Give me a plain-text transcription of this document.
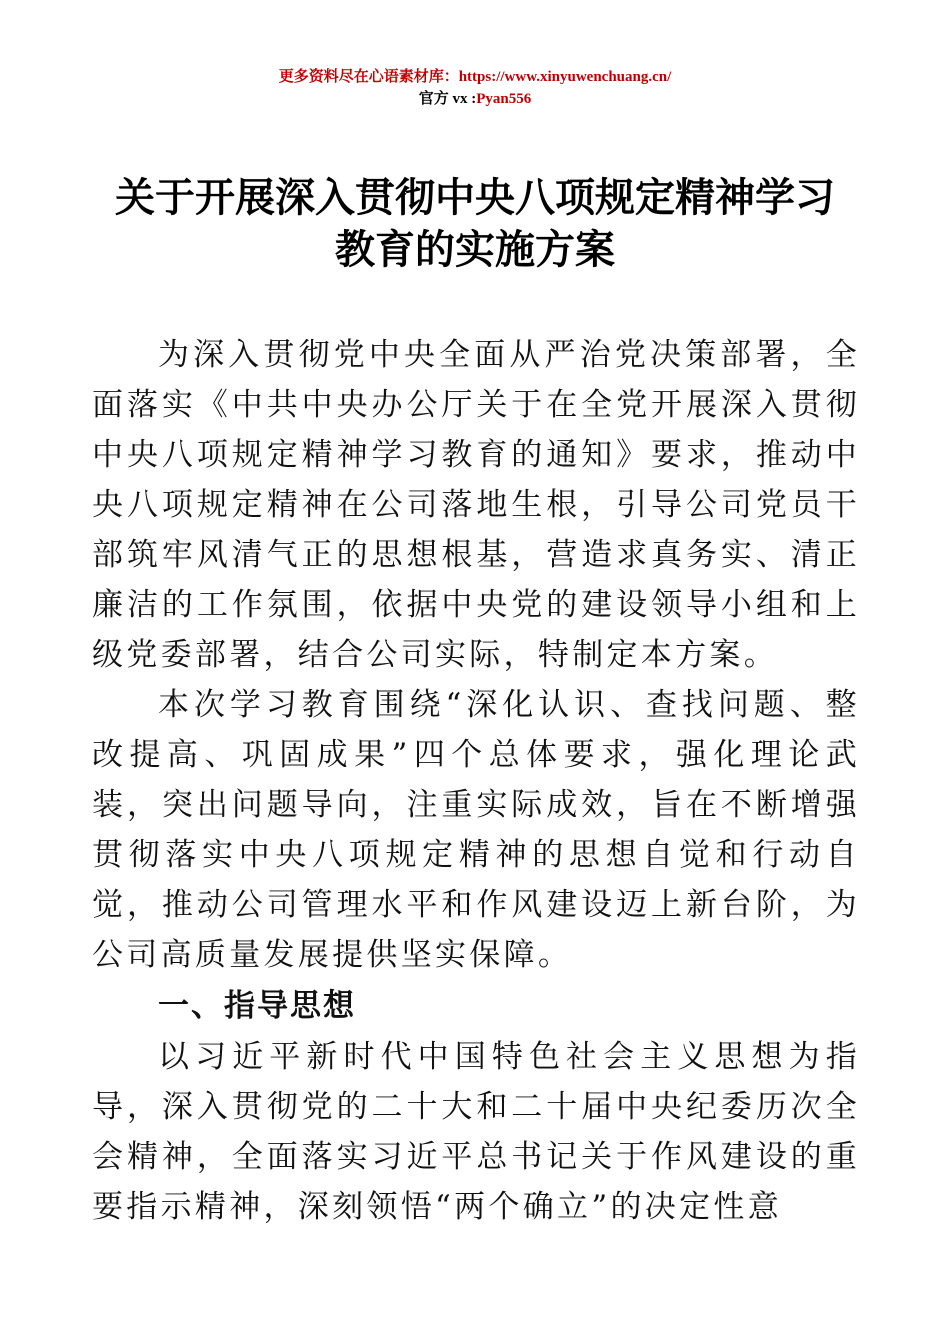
更多资料尽在心语素材库：https://www.xinyuwenchuang.cn/
官方 vx :Pyan556
关于开展深入贯彻中央八项规定精神学习
教育的实施方案

为深入贯彻党中央全面从严治党决策部署，全面落实《中共中央办公厅关于在全党开展深入贯彻中央八项规定精神学习教育的通知》要求，推动中央八项规定精神在公司落地生根，引导公司党员干部筑牢风清气正的思想根基，营造求真务实、清正廉洁的工作氛围，依据中央党的建设领导小组和上级党委部署，结合公司实际，特制定本方案。

本次学习教育围绕“深化认识、查找问题、整改提高、巩固成果”四个总体要求，强化理论武装，突出问题导向，注重实际成效，旨在不断增强贯彻落实中央八项规定精神的思想自觉和行动自觉，推动公司管理水平和作风建设迈上新台阶，为公司高质量发展提供坚实保障。

一、指导思想

以习近平新时代中国特色社会主义思想为指导，深入贯彻党的二十大和二十届中央纪委历次全会精神，全面落实习近平总书记关于作风建设的重要指示精神，深刻领悟“两个确立”的决定性意
